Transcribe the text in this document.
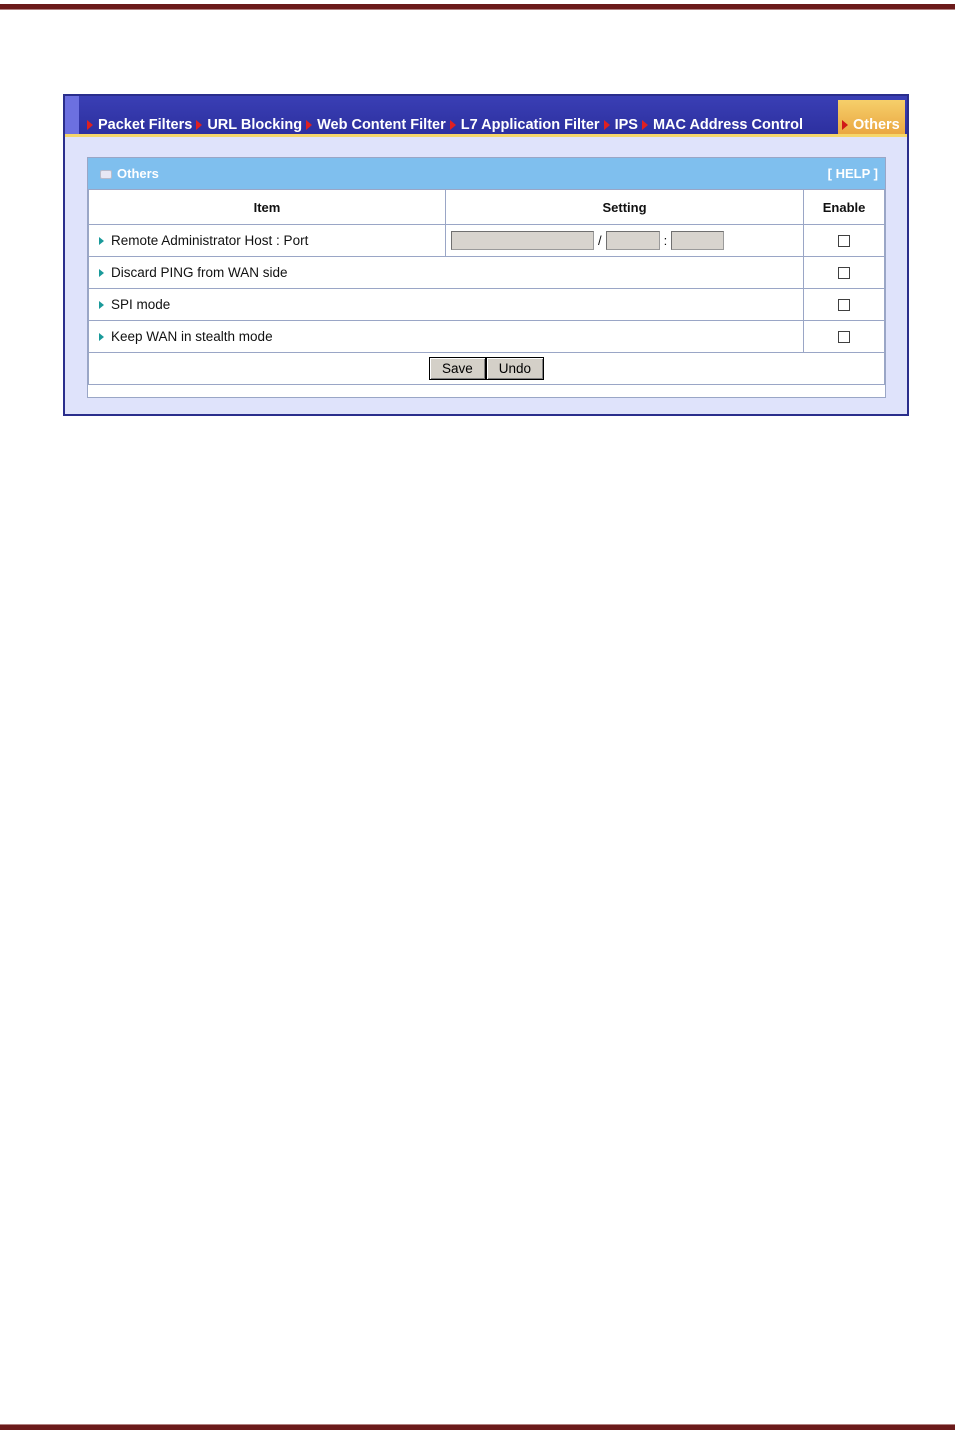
Packet Filters URL Blocking Web Content Filter L7 Application Filter IPS MAC Address Control	Others
Others	[ HELP ]
Item	Setting	Enable
Remote Administrator Host : Port	/ :	

Discard PING from WAN side		

SPI mode		

Keep WAN in stealth mode		

Save Undo		
